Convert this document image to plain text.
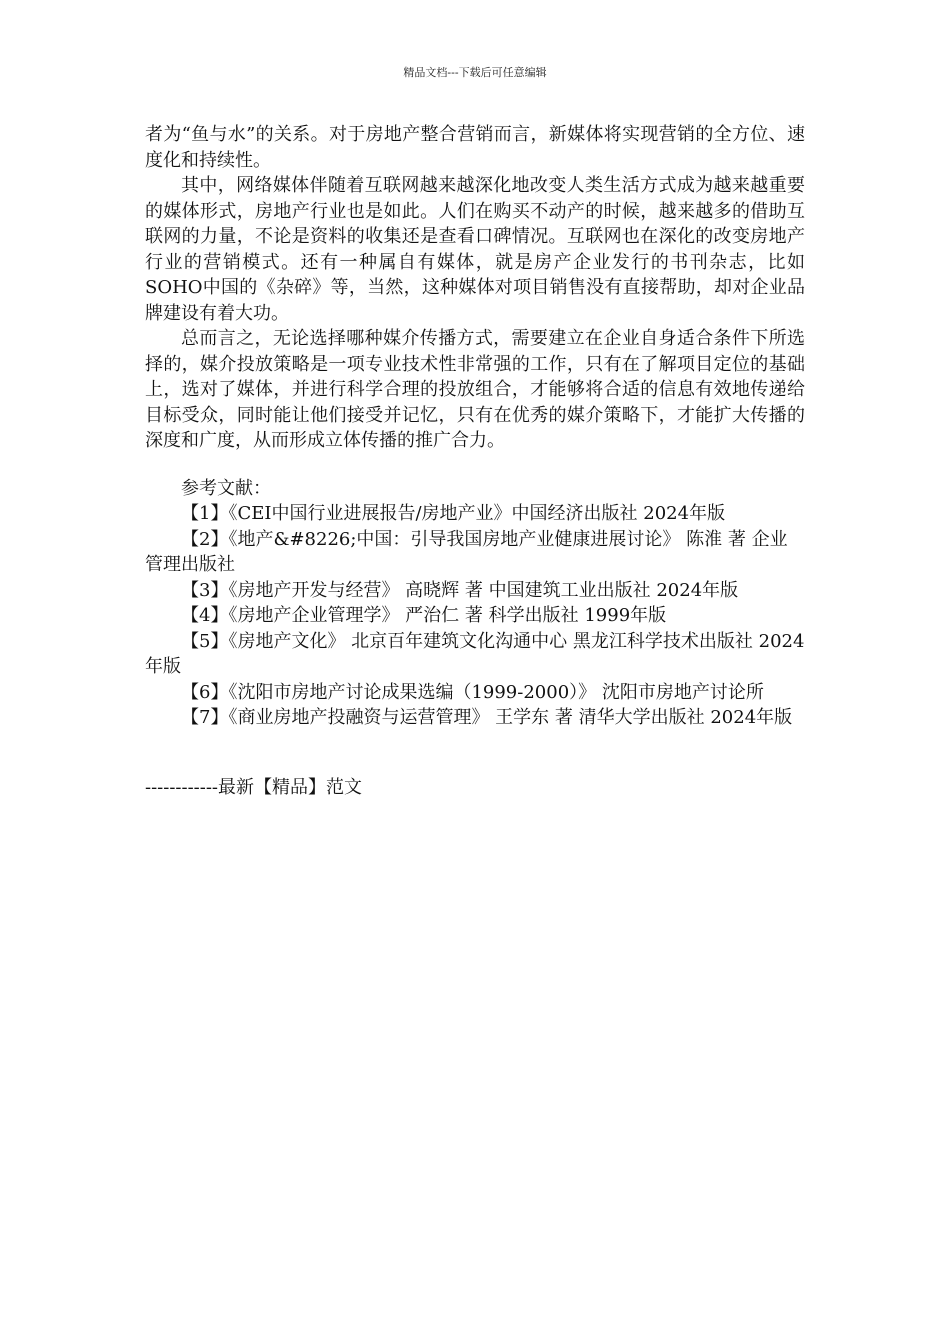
精品文档---下载后可任意编辑

者为“鱼与水”的关系。对于房地产整合营销而言，新媒体将实现营销的全方位、速度化和持续性。

其中，网络媒体伴随着互联网越来越深化地改变人类生活方式成为越来越重要的媒体形式，房地产行业也是如此。人们在购买不动产的时候，越来越多的借助互联网的力量，不论是资料的收集还是查看口碑情况。互联网也在深化的改变房地产行业的营销模式。还有一种属自有媒体，就是房产企业发行的书刊杂志，比如SOHO中国的《杂碎》等，当然，这种媒体对项目销售没有直接帮助，却对企业品牌建设有着大功。

总而言之，无论选择哪种媒介传播方式，需要建立在企业自身适合条件下所选择的，媒介投放策略是一项专业技术性非常强的工作，只有在了解项目定位的基础上，选对了媒体，并进行科学合理的投放组合，才能够将合适的信息有效地传递给目标受众，同时能让他们接受并记忆，只有在优秀的媒介策略下，才能扩大传播的深度和广度，从而形成立体传播的推广合力。

参考文献：

【1】《CEI中国行业进展报告/房地产业》中国经济出版社 2024年版

【2】《地产&#8226;中国：引导我国房地产业健康进展讨论》 陈淮 著 企业管理出版社

【3】《房地产开发与经营》 高晓辉 著 中国建筑工业出版社 2024年版

【4】《房地产企业管理学》 严治仁 著 科学出版社 1999年版

【5】《房地产文化》 北京百年建筑文化沟通中心 黑龙江科学技术出版社 2024年版

【6】《沈阳市房地产讨论成果选编（1999-2000）》 沈阳市房地产讨论所

【7】《商业房地产投融资与运营管理》 王学东 著 清华大学出版社 2024年版

------------最新【精品】范文
